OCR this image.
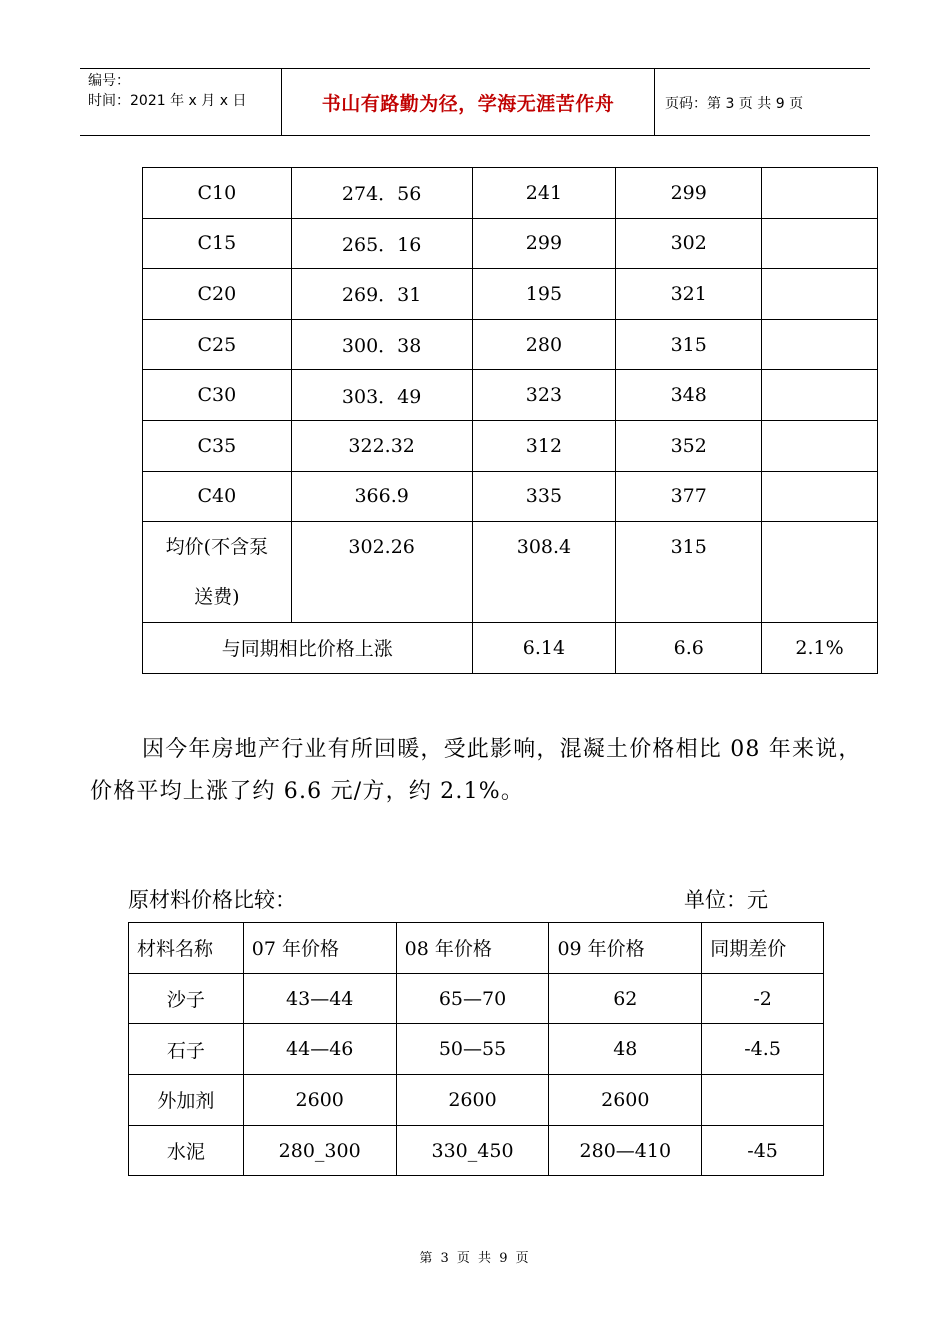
编号：
时间：2021 年 x 月 x 日	书山有路勤为径，学海无涯苦作舟	页码：第 3 页 共 9 页
C10	274．56	241	299	
C15	265．16	299	302	
C20	269．31	195	321	
C25	300．38	280	315	
C30	303．49	323	348	
C35	322.32	312	352	
C40	366.9	335	377	

均价(不含泵
送费)	302.26	308.4	315	
与同期相比价格上涨		6.14	6.6	2.1%
因今年房地产行业有所回暖，受此影响，混凝土价格相比 08 年来说，价格平均上涨了约 6.6 元/方，约 2.1%。
原材料价格比较：	单位：元
材料名称	07 年价格	08 年价格	09 年价格	同期差价
沙子	43—44	65—70	62	-2
石子	44—46	50—55	48	-4.5
外加剂	2600	2600	2600	
水泥	280_300	330_450	280—410	-45
第 3 页 共 9 页
